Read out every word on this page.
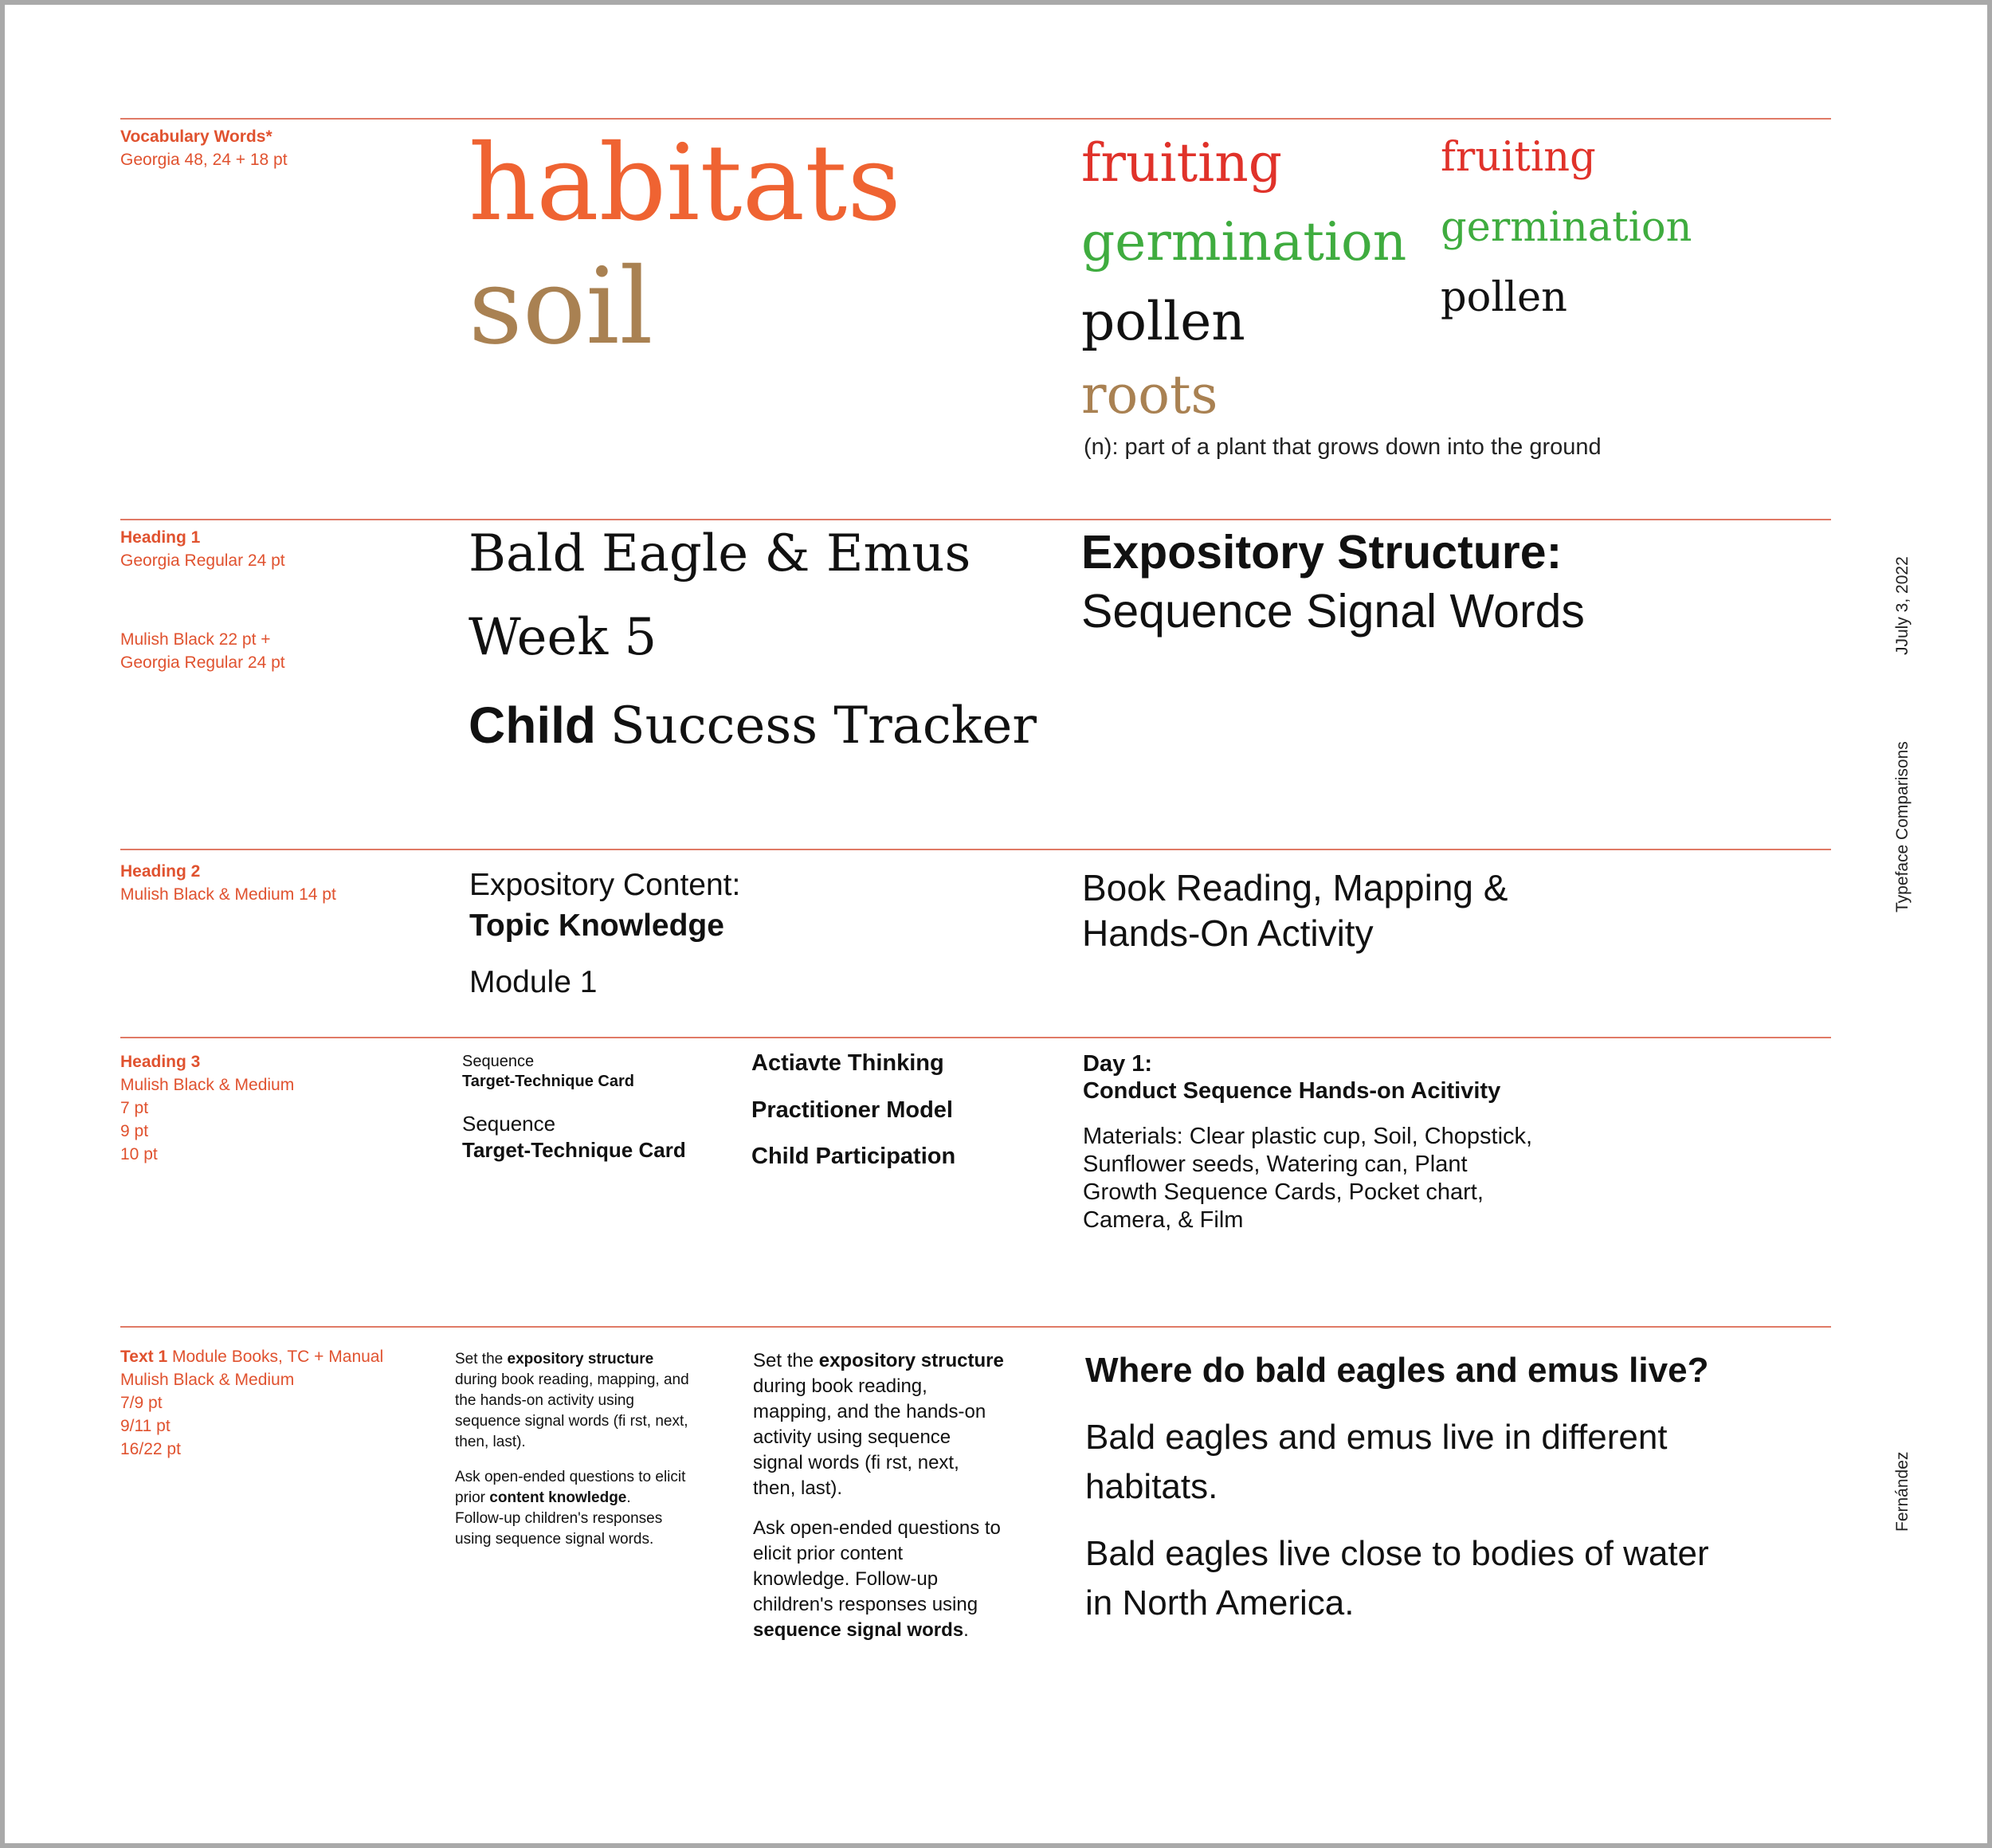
JJuly 3, 2022
Typeface Comparisons
Fernández
Vocabulary Words*
Georgia 48, 24 + 18 pt habitats
soil
fruiting
germination
pollen
roots
(n): part of a plant that grows down into the ground
fruiting
germination
pollen
Heading 1
Georgia Regular 24 pt
Mulish Black 22 pt +
Georgia Regular 24 pt
Bald Eagle & Emus
Week 5
Child Success Tracker
Expository Structure:
Sequence Signal Words
Heading 2
Mulish Black & Medium 14 pt	Expository Content:
Topic Knowledge
Module 1
Book Reading, Mapping &
Hands-On Activity
Heading 3
Mulish Black & Medium
7 pt
9 pt
10 pt
Sequence
Target-Technique Card
Sequence
Target-Technique Card
Actiavte Thinking
Practitioner Model
Child Participation
Day 1:
Conduct Sequence Hands-on Acitivity
Materials: Clear plastic cup, Soil, Chopstick,
Sunflower seeds, Watering can, Plant
Growth Sequence Cards, Pocket chart,
Camera, & Film
Text 1 Module Books, TC + Manual
Mulish Black & Medium
7/9 pt
9/11 pt
16/22 pt
Set the expository structure
during book reading, mapping, and
the hands-on activity using
sequence signal words (fi rst, next,
then, last).
Ask open-ended questions to elicit
prior content knowledge.
Follow-up children's responses
using sequence signal words.
Set the expository structure
during book reading,
mapping, and the hands-on
activity using sequence
signal words (fi rst, next,
then, last).
Ask open-ended questions to
elicit prior content
knowledge. Follow-up
children's responses using
sequence signal words.
Where do bald eagles and emus live?
Bald eagles and emus live in different
habitats.
Bald eagles live close to bodies of water
in North America.
